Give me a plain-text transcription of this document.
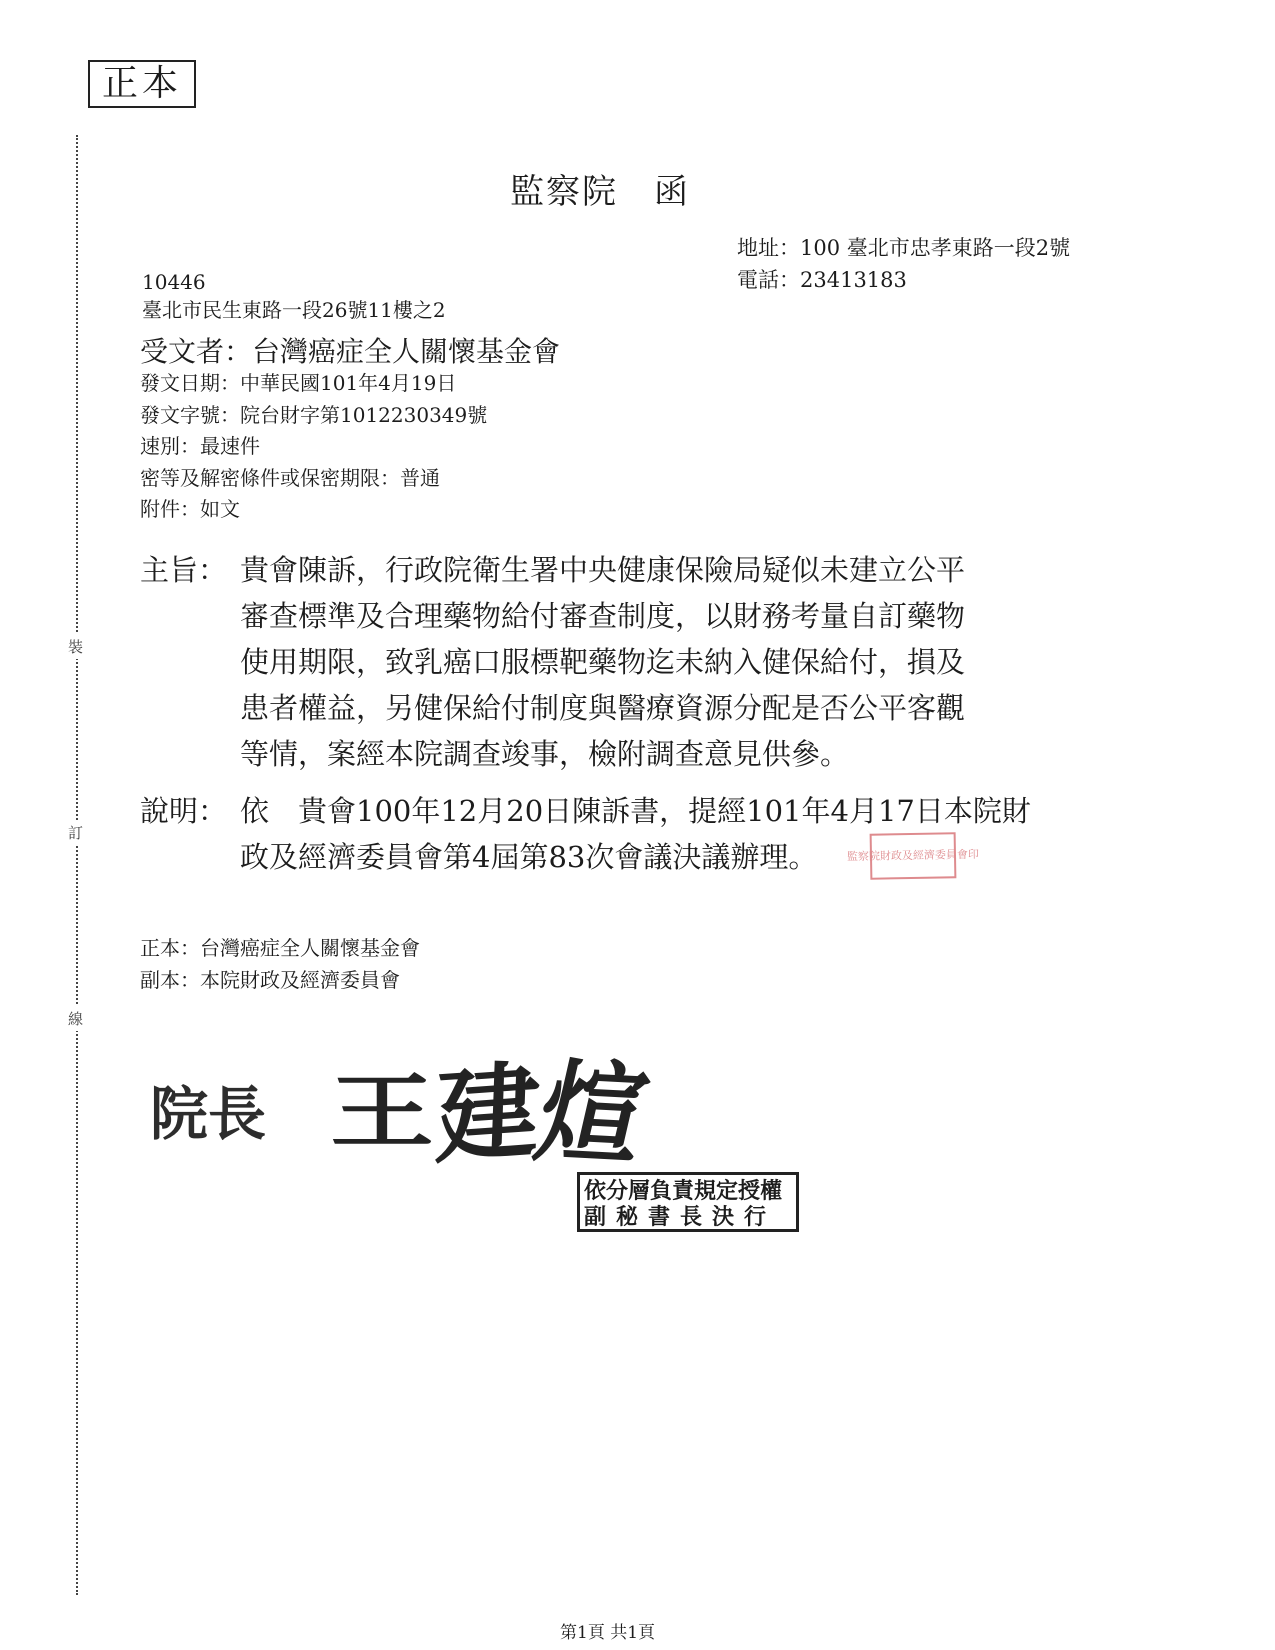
正本
裝
訂
線
監察院　函
地址：100 臺北市忠孝東路一段2號
電話：23413183
10446
臺北市民生東路一段26號11樓之2
受文者：台灣癌症全人關懷基金會
發文日期：中華民國101年4月19日
發文字號：院台財字第1012230349號
速別：最速件
密等及解密條件或保密期限：普通
附件：如文
主旨： 貴會陳訴，行政院衛生署中央健康保險局疑似未建立公平
審查標準及合理藥物給付審查制度，以財務考量自訂藥物
使用期限，致乳癌口服標靶藥物迄未納入健保給付，損及
患者權益，另健保給付制度與醫療資源分配是否公平客觀
等情，案經本院調查竣事，檢附調查意見供參。
說明： 依　貴會100年12月20日陳訴書，提經101年4月17日本院財
政及經濟委員會第4屆第83次會議決議辦理。	監察院財政及經濟委員會印
正本：台灣癌症全人關懷基金會
副本：本院財政及經濟委員會
院長 王建煊
依分層負責規定授權
副秘書長決行
第1頁 共1頁
